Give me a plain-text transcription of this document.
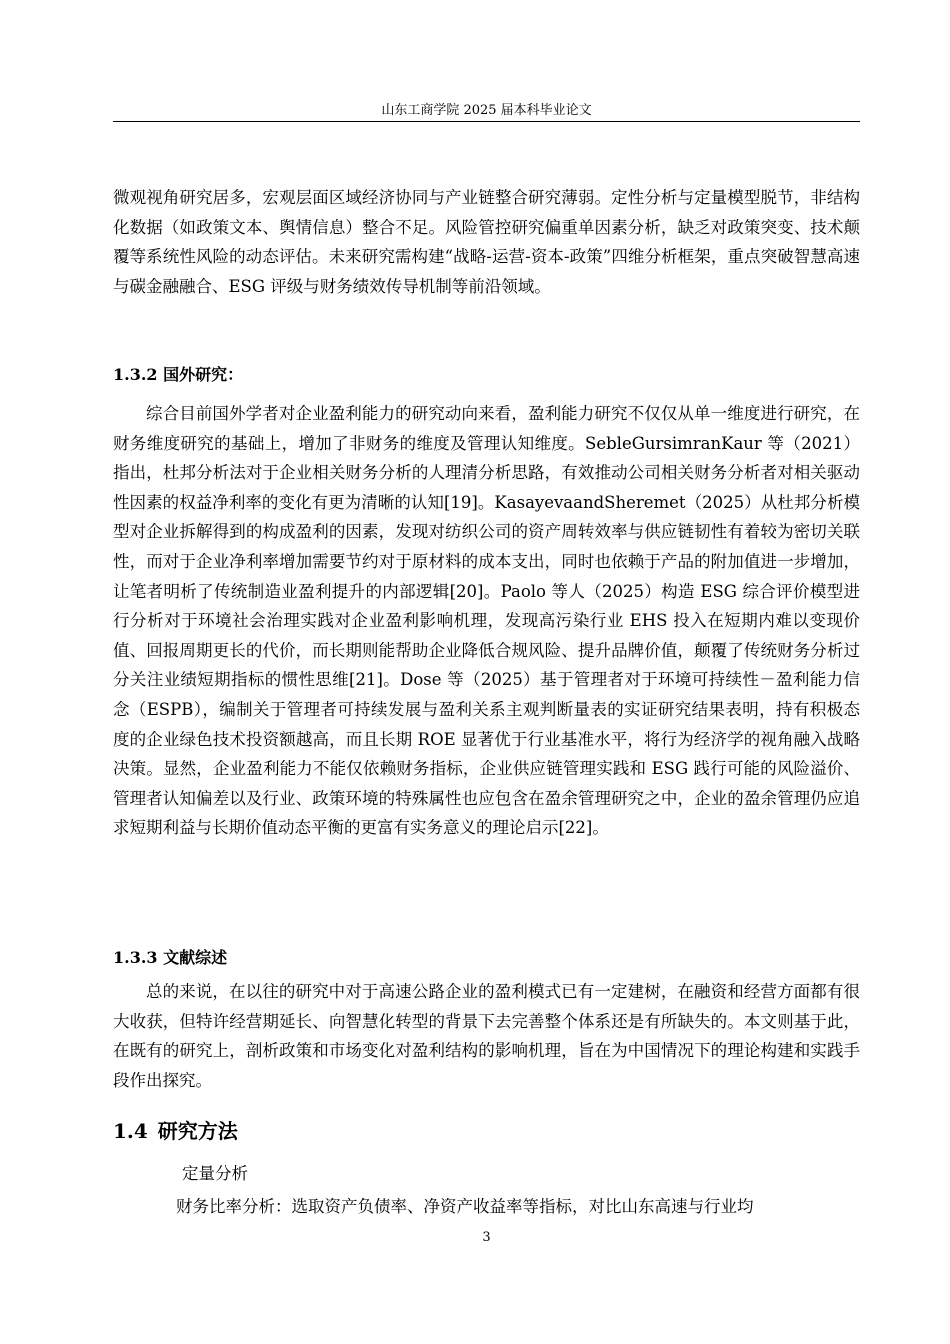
山东工商学院 2025 届本科毕业论文

微观视角研究居多，宏观层面区域经济协同与产业链整合研究薄弱。定性分析与定量模型脱节，非结构化数据（如政策文本、舆情信息）整合不足。风险管控研究偏重单因素分析，缺乏对政策突变、技术颠覆等系统性风险的动态评估。未来研究需构建“战略-运营-资本-政策”四维分析框架，重点突破智慧高速与碳金融融合、ESG 评级与财务绩效传导机制等前沿领域。

1.3.2 国外研究：

综合目前国外学者对企业盈利能力的研究动向来看，盈利能力研究不仅仅从单一维度进行研究，在财务维度研究的基础上，增加了非财务的维度及管理认知维度。SebleGursimranKaur 等（2021）指出，杜邦分析法对于企业相关财务分析的人理清分析思路，有效推动公司相关财务分析者对相关驱动性因素的权益净利率的变化有更为清晰的认知[19]。KasayevaandSheremet（2025）从杜邦分析模型对企业拆解得到的构成盈利的因素，发现对纺织公司的资产周转效率与供应链韧性有着较为密切关联性，而对于企业净利率增加需要节约对于原材料的成本支出，同时也依赖于产品的附加值进一步增加，让笔者明析了传统制造业盈利提升的内部逻辑[20]。Paolo 等人（2025）构造 ESG 综合评价模型进行分析对于环境社会治理实践对企业盈利影响机理，发现高污染行业 EHS 投入在短期内难以变现价值、回报周期更长的代价，而长期则能帮助企业降低合规风险、提升品牌价值，颠覆了传统财务分析过分关注业绩短期指标的惯性思维[21]。Dose 等（2025）基于管理者对于环境可持续性－盈利能力信念（ESPB），编制关于管理者可持续发展与盈利关系主观判断量表的实证研究结果表明，持有积极态度的企业绿色技术投资额越高，而且长期 ROE 显著优于行业基准水平，将行为经济学的视角融入战略决策。显然，企业盈利能力不能仅依赖财务指标，企业供应链管理实践和 ESG 践行可能的风险溢价、管理者认知偏差以及行业、政策环境的特殊属性也应包含在盈余管理研究之中，企业的盈余管理仍应追求短期利益与长期价值动态平衡的更富有实务意义的理论启示[22]。

1.3.3 文献综述

总的来说，在以往的研究中对于高速公路企业的盈利模式已有一定建树，在融资和经营方面都有很大收获，但特许经营期延长、向智慧化转型的背景下去完善整个体系还是有所缺失的。本文则基于此，在既有的研究上，剖析政策和市场变化对盈利结构的影响机理，旨在为中国情况下的理论构建和实践手段作出探究。

1.4 研究方法

定量分析

财务比率分析：选取资产负债率、净资产收益率等指标，对比山东高速与行业均

3
